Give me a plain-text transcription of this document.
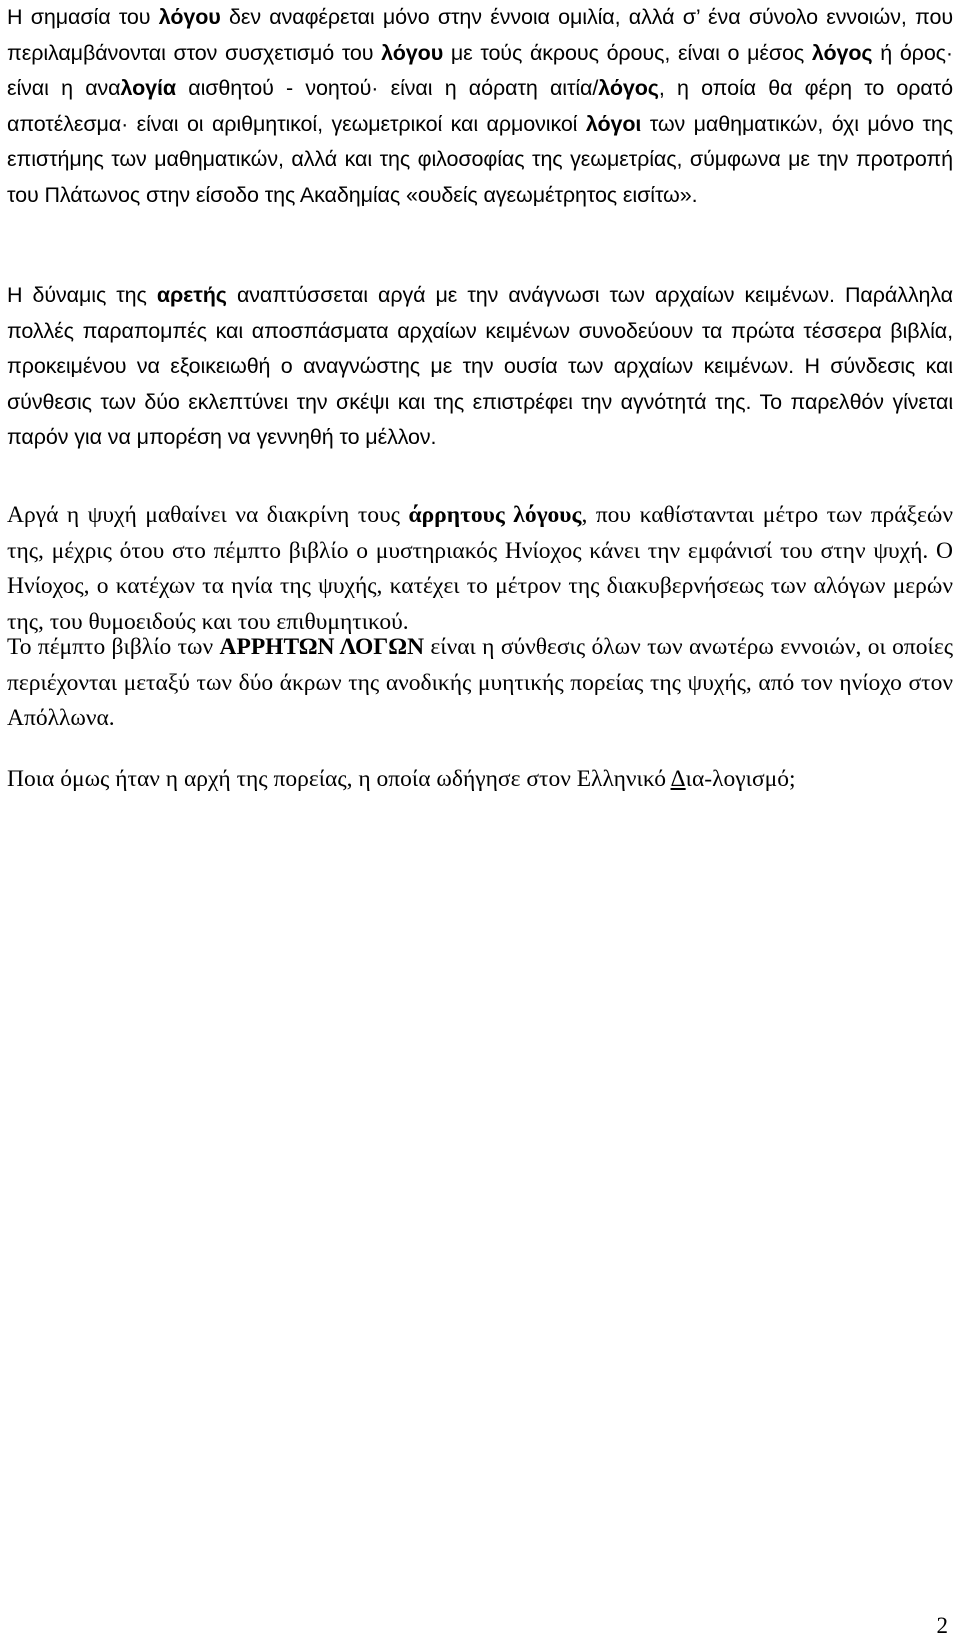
Η σημασία του λόγου δεν αναφέρεται μόνο στην έννοια ομιλία, αλλά σ’ ένα σύνολο εννοιών, που περιλαμβάνονται στον συσχετισμό του λόγου με τούς άκρους όρους, είναι ο μέσος λόγος ή όρος· είναι η αναλογία αισθητού - νοητού· είναι η αόρατη αιτία/λόγος, η οποία θα φέρη το ορατό αποτέλεσμα· είναι οι αριθμητικοί, γεωμετρικοί και αρμονικοί λόγοι των μαθηματικών, όχι μόνο της επιστήμης των μαθηματικών, αλλά και της φιλοσοφίας της γεωμετρίας, σύμφωνα με την προτροπή του Πλάτωνος στην είσοδο της Ακαδημίας «ουδείς αγεωμέτρητος εισίτω».

Η δύναμις της αρετής αναπτύσσεται αργά με την ανάγνωσι των αρχαίων κειμένων. Παράλληλα πολλές παραπομπές και αποσπάσματα αρχαίων κειμένων συνοδεύουν τα πρώτα τέσσερα βιβλία, προκειμένου να εξοικειωθή ο αναγνώστης με την ουσία των αρχαίων κειμένων. Η σύνδεσις και σύνθεσις των δύο εκλεπτύνει την σκέψι και της επιστρέφει την αγνότητά της. Το παρελθόν γίνεται παρόν για να μπορέση να γεννηθή το μέλλον.

Αργά η ψυχή μαθαίνει να διακρίνη τους άρρητους λόγους, που καθίστανται μέτρο των πράξεών της, μέχρις ότου στο πέμπτο βιβλίο ο μυστηριακός Ηνίοχος κάνει την εμφάνισί του στην ψυχή. Ο Ηνίοχος, ο κατέχων τα ηνία της ψυχής, κατέχει το μέτρον της διακυβερνήσεως των αλόγων μερών της, του θυμοειδούς και του επιθυμητικού.

Το πέμπτο βιβλίο των ΑΡΡΗΤΩΝ ΛΟΓΩΝ είναι η σύνθεσις όλων των ανωτέρω εννοιών, οι οποίες περιέχονται μεταξύ των δύο άκρων της ανοδικής μυητικής πορείας της ψυχής, από τον ηνίοχο στον Απόλλωνα.

Ποια όμως ήταν η αρχή της πορείας, η οποία ωδήγησε στον Ελληνικό Δια-λογισμό;

2
